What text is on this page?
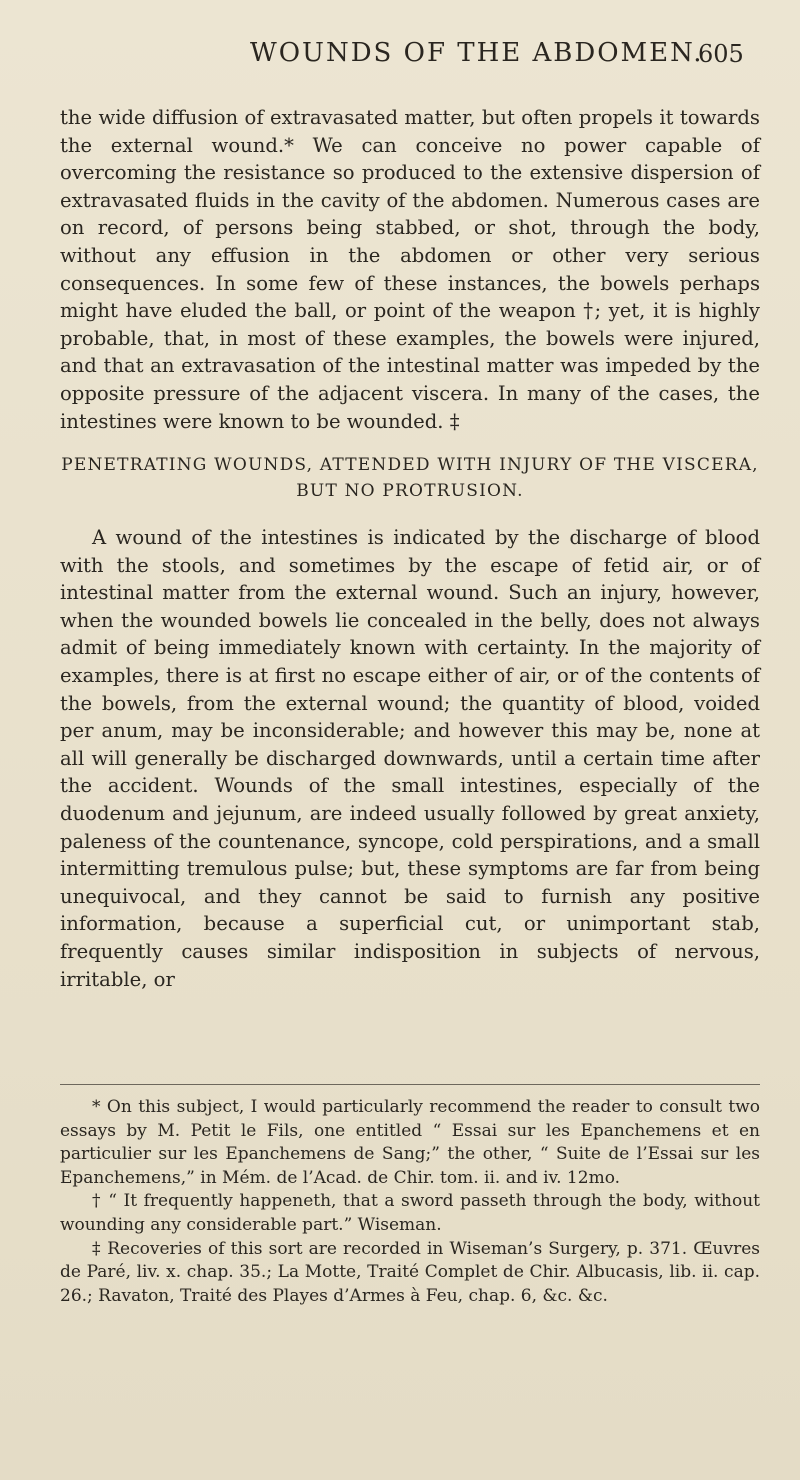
WOUNDS OF THE ABDOMEN.
605

the wide diffusion of extravasated matter, but often propels it towards the external wound.* We can conceive no power capable of overcoming the resistance so produced to the extensive dispersion of extravasated fluids in the cavity of the abdomen. Numerous cases are on record, of persons being stabbed, or shot, through the body, without any effusion in the abdomen or other very serious consequences. In some few of these instances, the bowels perhaps might have eluded the ball, or point of the weapon †; yet, it is highly probable, that, in most of these examples, the bowels were injured, and that an extravasation of the intestinal matter was impeded by the opposite pressure of the adjacent viscera. In many of the cases, the intestines were known to be wounded. ‡

PENETRATING WOUNDS, ATTENDED WITH INJURY OF THE VISCERA, BUT NO PROTRUSION.

A wound of the intestines is indicated by the discharge of blood with the stools, and sometimes by the escape of fetid air, or of intestinal matter from the external wound. Such an injury, however, when the wounded bowels lie concealed in the belly, does not always admit of being immediately known with certainty. In the majority of examples, there is at first no escape either of air, or of the contents of the bowels, from the external wound; the quantity of blood, voided per anum, may be inconsiderable; and however this may be, none at all will generally be discharged downwards, until a certain time after the accident. Wounds of the small intestines, especially of the duodenum and jejunum, are indeed usually followed by great anxiety, paleness of the countenance, syncope, cold perspirations, and a small intermitting tremulous pulse; but, these symptoms are far from being unequivocal, and they cannot be said to furnish any positive information, because a superficial cut, or unimportant stab, frequently causes similar indisposition in subjects of nervous, irritable, or

* On this subject, I would particularly recommend the reader to consult two essays by M. Petit le Fils, one entitled “ Essai sur les Epanchemens et en particulier sur les Epanchemens de Sang;” the other, “ Suite de l’Essai sur les Epanchemens,” in Mém. de l’Acad. de Chir. tom. ii. and iv. 12mo.

† “ It frequently happeneth, that a sword passeth through the body, without wounding any considerable part.” Wiseman.

‡ Recoveries of this sort are recorded in Wiseman’s Surgery, p. 371. Œuvres de Paré, liv. x. chap. 35.; La Motte, Traité Complet de Chir. Albucasis, lib. ii. cap. 26.; Ravaton, Traité des Playes d’Armes à Feu, chap. 6, &c. &c.
